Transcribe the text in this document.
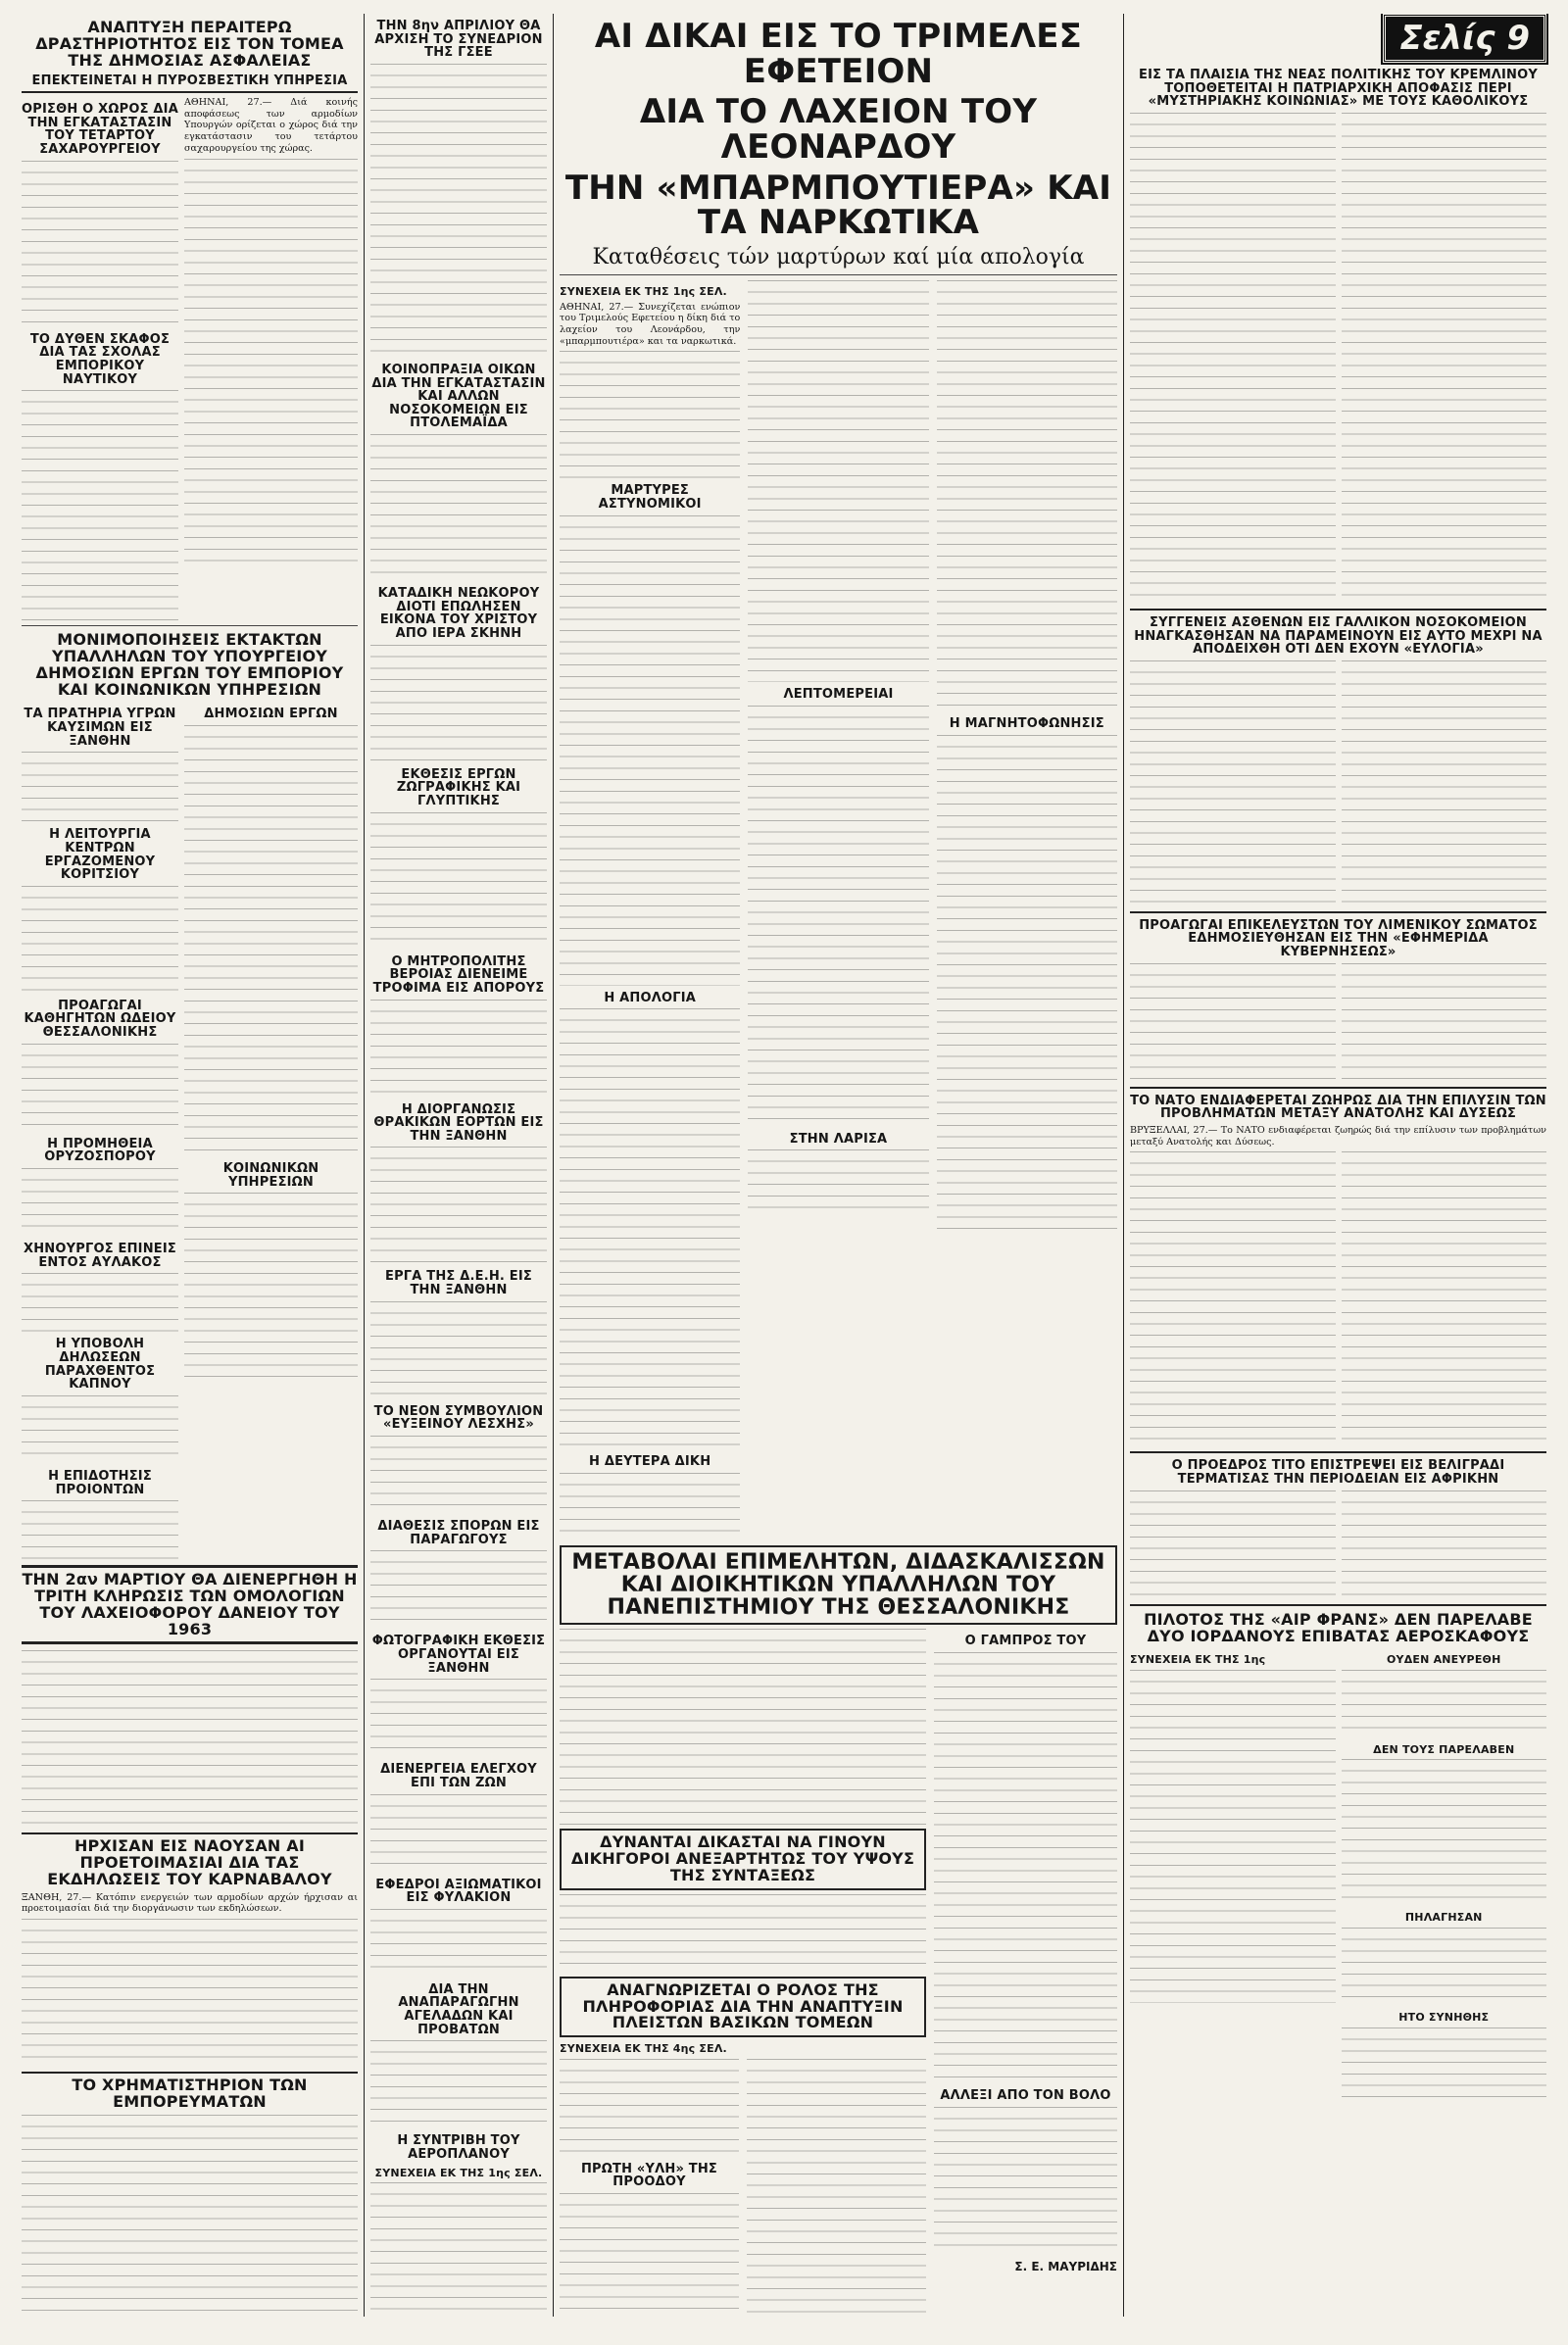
ΑΝΑΠΤΥΞΗ ΠΕΡΑΙΤΕΡΩ ΔΡΑΣΤΗΡΙΟΤΗΤΟΣ ΕΙΣ ΤΟΝ ΤΟΜΕΑ ΤΗΣ ΔΗΜΟΣΙΑΣ ΑΣΦΑΛΕΙΑΣ
ΕΠΕΚΤΕΙΝΕΤΑΙ Η ΠΥΡΟΣΒΕΣΤΙΚΗ ΥΠΗΡΕΣΙΑ
ΟΡΙΣΘΗ Ο ΧΩΡΟΣ ΔΙΑ ΤΗΝ ΕΓΚΑΤΑΣΤΑΣΙΝ ΤΟΥ ΤΕΤΑΡΤΟΥ ΣΑΧΑΡΟΥΡΓΕΙΟΥ
ΤΟ ΔΥΘΕΝ ΣΚΑΦΟΣ ΔΙΑ ΤΑΣ ΣΧΟΛΑΣ ΕΜΠΟΡΙΚΟΥ ΝΑΥΤΙΚΟΥ

ΑΘΗΝΑΙ, 27.— Διά κοινής αποφάσεως των αρμοδίων Υπουργών ορίζεται ο χώρος διά την εγκατάστασιν του τετάρτου σαχαρουργείου της χώρας.

ΜΟΝΙΜΟΠΟΙΗΣΕΙΣ ΕΚΤΑΚΤΩΝ ΥΠΑΛΛΗΛΩΝ ΤΟΥ ΥΠΟΥΡΓΕΙΟΥ ΔΗΜΟΣΙΩΝ ΕΡΓΩΝ ΤΟΥ ΕΜΠΟΡΙΟΥ ΚΑΙ ΚΟΙΝΩΝΙΚΩΝ ΥΠΗΡΕΣΙΩΝ
ΤΑ ΠΡΑΤΗΡΙΑ ΥΓΡΩΝ ΚΑΥΣΙΜΩΝ ΕΙΣ ΞΑΝΘΗΝ
Η ΛΕΙΤΟΥΡΓΙΑ ΚΕΝΤΡΩΝ ΕΡΓΑΖΟΜΕΝΟΥ ΚΟΡΙΤΣΙΟΥ
ΠΡΟΑΓΩΓΑΙ ΚΑΘΗΓΗΤΩΝ ΩΔΕΙΟΥ ΘΕΣΣΑΛΟΝΙΚΗΣ
Η ΠΡΟΜΗΘΕΙΑ ΟΡΥΖΟΣΠΟΡΟΥ
ΧΗΝΟΥΡΓΟΣ ΕΠΙΝΕΙΣ ΕΝΤΟΣ ΑΥΛΑΚΟΣ
Η ΥΠΟΒΟΛΗ ΔΗΛΩΣΕΩΝ ΠΑΡΑΧΘΕΝΤΟΣ ΚΑΠΝΟΥ
Η ΕΠΙΔΟΤΗΣΙΣ ΠΡΟΙΟΝΤΩΝ
ΔΗΜΟΣΙΩΝ ΕΡΓΩΝ
ΚΟΙΝΩΝΙΚΩΝ ΥΠΗΡΕΣΙΩΝ
ΤΗΝ 2αν ΜΑΡΤΙΟΥ ΘΑ ΔΙΕΝΕΡΓΗΘΗ Η ΤΡΙΤΗ ΚΛΗΡΩΣΙΣ ΤΩΝ ΟΜΟΛΟΓΙΩΝ ΤΟΥ ΛΑΧΕΙΟΦΟΡΟΥ ΔΑΝΕΙΟΥ ΤΟΥ 1963
ΗΡΧΙΣΑΝ ΕΙΣ ΝΑΟΥΣΑΝ ΑΙ ΠΡΟΕΤΟΙΜΑΣΙΑΙ ΔΙΑ ΤΑΣ ΕΚΔΗΛΩΣΕΙΣ ΤΟΥ ΚΑΡΝΑΒΑΛΟΥ

ΞΑΝΘΗ, 27.— Κατόπιν ενεργειών των αρμοδίων αρχών ήρχισαν αι προετοιμασίαι διά την διοργάνωσιν των εκδηλώσεων.

ΤΟ ΧΡΗΜΑΤΙΣΤΗΡΙΟΝ ΤΩΝ ΕΜΠΟΡΕΥΜΑΤΩΝ
ΤΗΝ 8ην ΑΠΡΙΛΙΟΥ ΘΑ ΑΡΧΙΣΗ ΤΟ ΣΥΝΕΔΡΙΟΝ ΤΗΣ ΓΣΕΕ
ΚΟΙΝΟΠΡΑΞΙΑ ΟΙΚΩΝ ΔΙΑ ΤΗΝ ΕΓΚΑΤΑΣΤΑΣΙΝ ΚΑΙ ΑΛΛΩΝ ΝΟΣΟΚΟΜΕΙΩΝ ΕΙΣ ΠΤΟΛΕΜΑΪΔΑ
ΚΑΤΑΔΙΚΗ ΝΕΩΚΟΡΟΥ ΔΙΟΤΙ ΕΠΩΛΗΣΕΝ ΕΙΚΟΝΑ ΤΟΥ ΧΡΙΣΤΟΥ ΑΠΟ ΙΕΡΑ ΣΚΗΝΗ
ΕΚΘΕΣΙΣ ΕΡΓΩΝ ΖΩΓΡΑΦΙΚΗΣ ΚΑΙ ΓΛΥΠΤΙΚΗΣ
Ο ΜΗΤΡΟΠΟΛΙΤΗΣ ΒΕΡΟΙΑΣ ΔΙΕΝΕΙΜΕ ΤΡΟΦΙΜΑ ΕΙΣ ΑΠΟΡΟΥΣ
Η ΔΙΟΡΓΑΝΩΣΙΣ ΘΡΑΚΙΚΩΝ ΕΟΡΤΩΝ ΕΙΣ ΤΗΝ ΞΑΝΘΗΝ
ΕΡΓΑ ΤΗΣ Δ.Ε.Η. ΕΙΣ ΤΗΝ ΞΑΝΘΗΝ
ΤΟ ΝΕΟΝ ΣΥΜΒΟΥΛΙΟΝ «ΕΥΞΕΙΝΟΥ ΛΕΣΧΗΣ»
ΔΙΑΘΕΣΙΣ ΣΠΟΡΩΝ ΕΙΣ ΠΑΡΑΓΩΓΟΥΣ
ΦΩΤΟΓΡΑΦΙΚΗ ΕΚΘΕΣΙΣ ΟΡΓΑΝΟΥΤΑΙ ΕΙΣ ΞΑΝΘΗΝ
ΔΙΕΝΕΡΓΕΙΑ ΕΛΕΓΧΟΥ ΕΠΙ ΤΩΝ ΖΩΝ
ΕΦΕΔΡΟΙ ΑΞΙΩΜΑΤΙΚΟΙ ΕΙΣ ΦΥΛΑΚΙΟΝ
ΔΙΑ ΤΗΝ ΑΝΑΠΑΡΑΓΩΓΗΝ ΑΓΕΛΑΔΩΝ ΚΑΙ ΠΡΟΒΑΤΩΝ
Η ΣΥΝΤΡΙΒΗ ΤΟΥ ΑΕΡΟΠΛΑΝΟΥ
ΣΥΝΕΧΕΙΑ ΕΚ ΤΗΣ 1ης ΣΕΛ.
ΑΙ ΔΙΚΑΙ ΕΙΣ ΤΟ ΤΡΙΜΕΛΕΣ ΕΦΕΤΕΙΟΝ
ΔΙΑ ΤΟ ΛΑΧΕΙΟΝ ΤΟΥ ΛΕΟΝΑΡΔΟΥ
ΤΗΝ «ΜΠΑΡΜΠΟΥΤΙΕΡΑ» ΚΑΙ ΤΑ ΝΑΡΚΩΤΙΚΑ
Καταθέσεις τών μαρτύρων καί μία απολογία
ΣΥΝΕΧΕΙΑ ΕΚ ΤΗΣ 1ης ΣΕΛ.

ΑΘΗΝΑΙ, 27.— Συνεχίζεται ενώπιον του Τριμελούς Εφετείου η δίκη διά το λαχείον του Λεονάρδου, την «μπαρμπουτιέρα» και τα ναρκωτικά.

ΜΑΡΤΥΡΕΣ ΑΣΤΥΝΟΜΙΚΟΙ
Η ΑΠΟΛΟΓΙΑ
Η ΔΕΥΤΕΡΑ ΔΙΚΗ
ΛΕΠΤΟΜΕΡΕΙΑΙ
ΣΤΗΝ ΛΑΡΙΣΑ
Η ΜΑΓΝΗΤΟΦΩΝΗΣΙΣ
ΜΕΤΑΒΟΛΑΙ ΕΠΙΜΕΛΗΤΩΝ, ΔΙΔΑΣΚΑΛΙΣΣΩΝ ΚΑΙ ΔΙΟΙΚΗΤΙΚΩΝ ΥΠΑΛΛΗΛΩΝ ΤΟΥ ΠΑΝΕΠΙΣΤΗΜΙΟΥ ΤΗΣ ΘΕΣΣΑΛΟΝΙΚΗΣ
ΔΥΝΑΝΤΑΙ ΔΙΚΑΣΤΑΙ ΝΑ ΓΙΝΟΥΝ ΔΙΚΗΓΟΡΟΙ ΑΝΕΞΑΡΤΗΤΩΣ ΤΟΥ ΥΨΟΥΣ ΤΗΣ ΣΥΝΤΑΞΕΩΣ
ΑΝΑΓΝΩΡΙΖΕΤΑΙ Ο ΡΟΛΟΣ ΤΗΣ ΠΛΗΡΟΦΟΡΙΑΣ ΔΙΑ ΤΗΝ ΑΝΑΠΤΥΞΙΝ ΠΛΕΙΣΤΩΝ ΒΑΣΙΚΩΝ ΤΟΜΕΩΝ
ΣΥΝΕΧΕΙΑ ΕΚ ΤΗΣ 4ης ΣΕΛ.
ΠΡΩΤΗ «ΥΛΗ» ΤΗΣ ΠΡΟΟΔΟΥ
Ο ΓΑΜΠΡΟΣ ΤΟΥ
ΑΛΛΕΞΙ ΑΠΟ ΤΟΝ ΒΟΛΟ
Σ. Ε. ΜΑΥΡΙΔΗΣ
Σελίς 9
ΕΙΣ ΤΑ ΠΛΑΙΣΙΑ ΤΗΣ ΝΕΑΣ ΠΟΛΙΤΙΚΗΣ ΤΟΥ ΚΡΕΜΛΙΝΟΥ ΤΟΠΟΘΕΤΕΙΤΑΙ Η ΠΑΤΡΙΑΡΧΙΚΗ ΑΠΟΦΑΣΙΣ ΠΕΡΙ «ΜΥΣΤΗΡΙΑΚΗΣ ΚΟΙΝΩΝΙΑΣ» ΜΕ ΤΟΥΣ ΚΑΘΟΛΙΚΟΥΣ
ΣΥΓΓΕΝΕΙΣ ΑΣΘΕΝΩΝ ΕΙΣ ΓΑΛΛΙΚΟΝ ΝΟΣΟΚΟΜΕΙΟΝ ΗΝΑΓΚΑΣΘΗΣΑΝ ΝΑ ΠΑΡΑΜΕΙΝΟΥΝ ΕΙΣ ΑΥΤΟ ΜΕΧΡΙ ΝΑ ΑΠΟΔΕΙΧΘΗ ΟΤΙ ΔΕΝ ΕΧΟΥΝ «ΕΥΛΟΓΙΑ»
ΠΡΟΑΓΩΓΑΙ ΕΠΙΚΕΛΕΥΣΤΩΝ ΤΟΥ ΛΙΜΕΝΙΚΟΥ ΣΩΜΑΤΟΣ ΕΔΗΜΟΣΙΕΥΘΗΣΑΝ ΕΙΣ ΤΗΝ «ΕΦΗΜΕΡΙΔΑ ΚΥΒΕΡΝΗΣΕΩΣ»
ΤΟ ΝΑΤΟ ΕΝΔΙΑΦΕΡΕΤΑΙ ΖΩΗΡΩΣ ΔΙΑ ΤΗΝ ΕΠΙΛΥΣΙΝ ΤΩΝ ΠΡΟΒΛΗΜΑΤΩΝ ΜΕΤΑΞΥ ΑΝΑΤΟΛΗΣ ΚΑΙ ΔΥΣΕΩΣ

ΒΡΥΞΕΛΛΑΙ, 27.— Το ΝΑΤΟ ενδιαφέρεται ζωηρώς διά την επίλυσιν των προβλημάτων μεταξύ Ανατολής και Δύσεως.

Ο ΠΡΟΕΔΡΟΣ ΤΙΤΟ ΕΠΙΣΤΡΕΨΕΙ ΕΙΣ ΒΕΛΙΓΡΑΔΙ ΤΕΡΜΑΤΙΣΑΣ ΤΗΝ ΠΕΡΙΟΔΕΙΑΝ ΕΙΣ ΑΦΡΙΚΗΝ
ΠΙΛΟΤΟΣ ΤΗΣ «ΑΙΡ ΦΡΑΝΣ» ΔΕΝ ΠΑΡΕΛΑΒΕ ΔΥΟ ΙΟΡΔΑΝΟΥΣ ΕΠΙΒΑΤΑΣ ΑΕΡΟΣΚΑΦΟΥΣ
ΣΥΝΕΧΕΙΑ ΕΚ ΤΗΣ 1ης	ΟΥΔΕΝ ΑΝΕΥΡΕΘΗ
ΔΕΝ ΤΟΥΣ ΠΑΡΕΛΑΒΕΝ
ΠΗΛΑΓΗΣΑΝ
ΗΤΟ ΣΥΝΗΘΗΣ
